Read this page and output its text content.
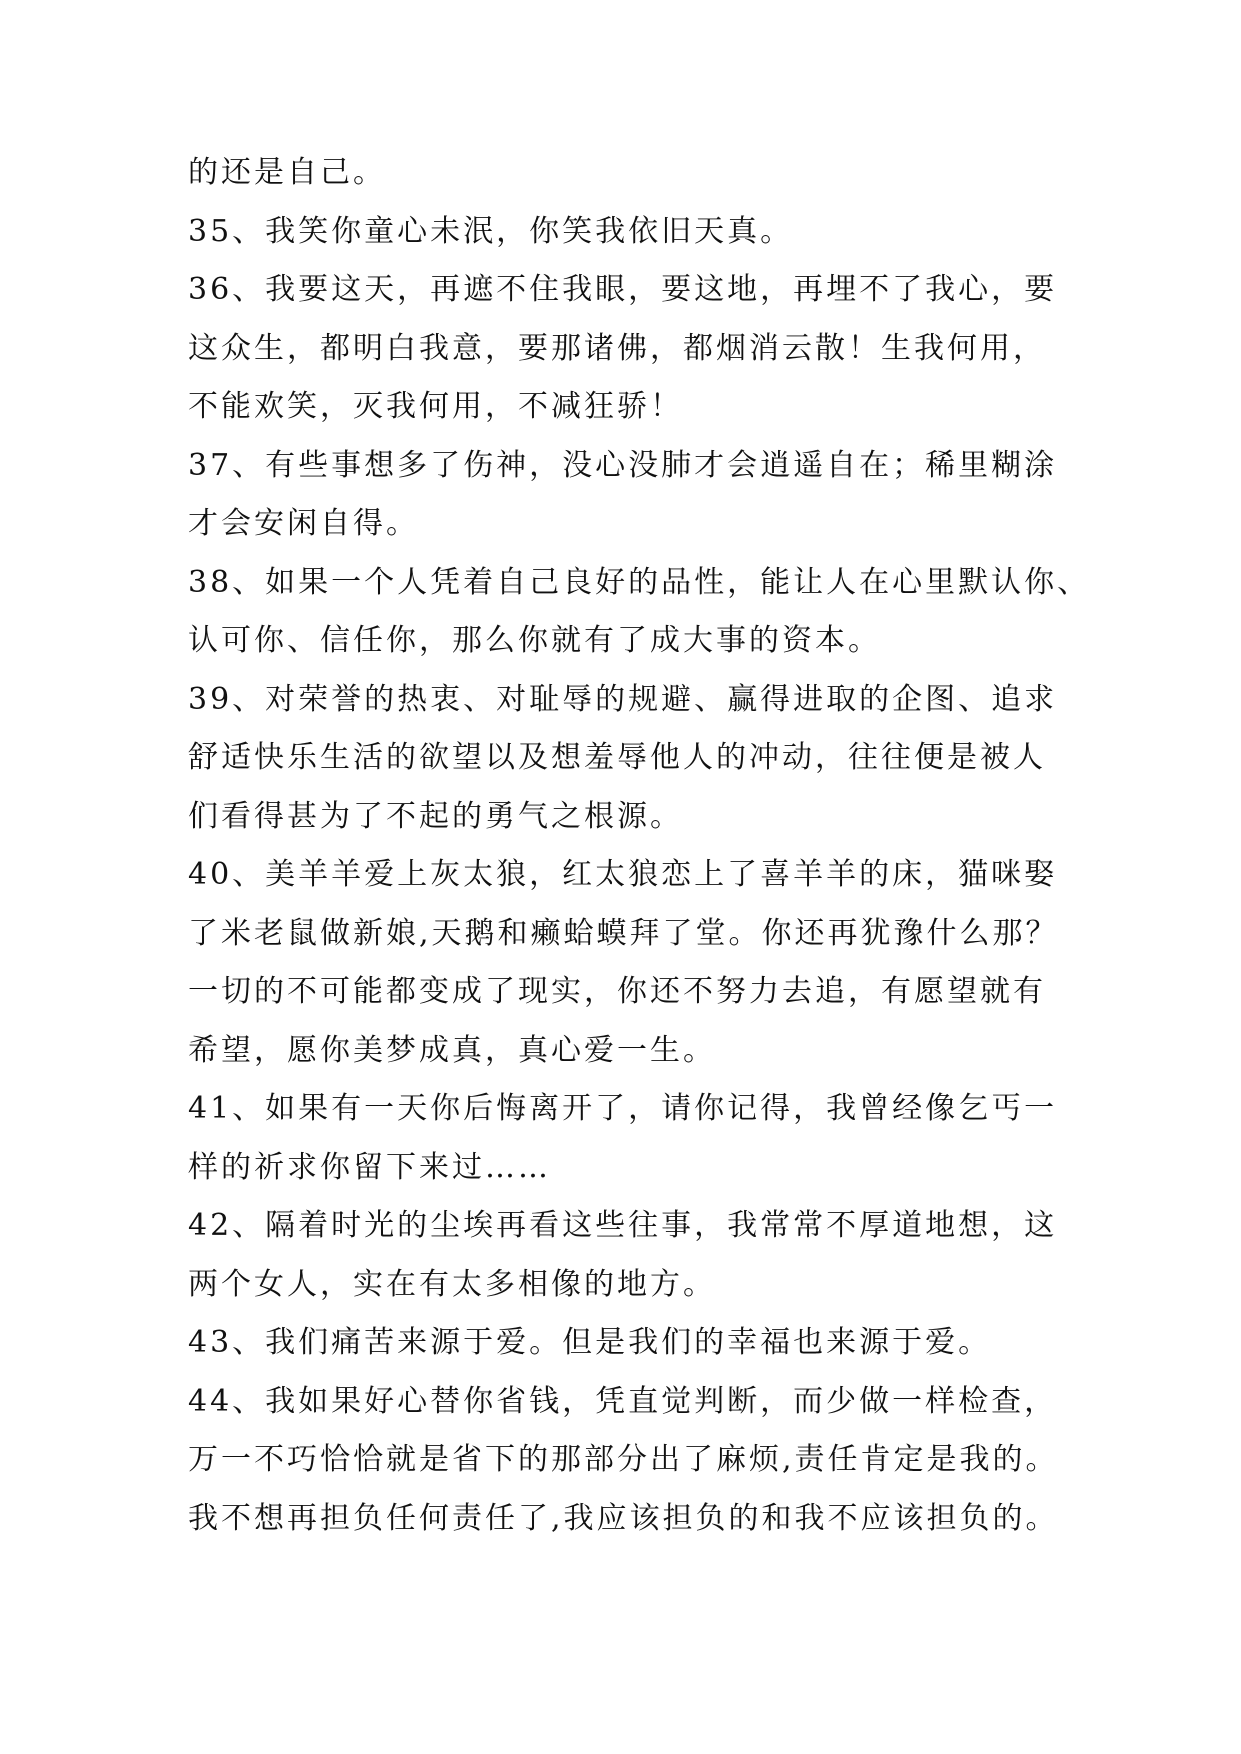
的还是自己。
35、我笑你童心未泯，你笑我依旧天真。
36、我要这天，再遮不住我眼，要这地，再埋不了我心，要
这众生，都明白我意，要那诸佛，都烟消云散！生我何用，
不能欢笑，灭我何用，不减狂骄！
37、有些事想多了伤神，没心没肺才会逍遥自在；稀里糊涂
才会安闲自得。
38、如果一个人凭着自己良好的品性，能让人在心里默认你、
认可你、信任你，那么你就有了成大事的资本。
39、对荣誉的热衷、对耻辱的规避、赢得进取的企图、追求
舒适快乐生活的欲望以及想羞辱他人的冲动，往往便是被人
们看得甚为了不起的勇气之根源。
40、美羊羊爱上灰太狼，红太狼恋上了喜羊羊的床，猫咪娶
了米老鼠做新娘,天鹅和癞蛤蟆拜了堂。你还再犹豫什么那？
一切的不可能都变成了现实，你还不努力去追，有愿望就有
希望，愿你美梦成真，真心爱一生。
41、如果有一天你后悔离开了，请你记得，我曾经像乞丐一
样的祈求你留下来过……
42、隔着时光的尘埃再看这些往事，我常常不厚道地想，这
两个女人，实在有太多相像的地方。
43、我们痛苦来源于爱。但是我们的幸福也来源于爱。
44、我如果好心替你省钱，凭直觉判断，而少做一样检查，
万一不巧恰恰就是省下的那部分出了麻烦,责任肯定是我的。
我不想再担负任何责任了,我应该担负的和我不应该担负的。
